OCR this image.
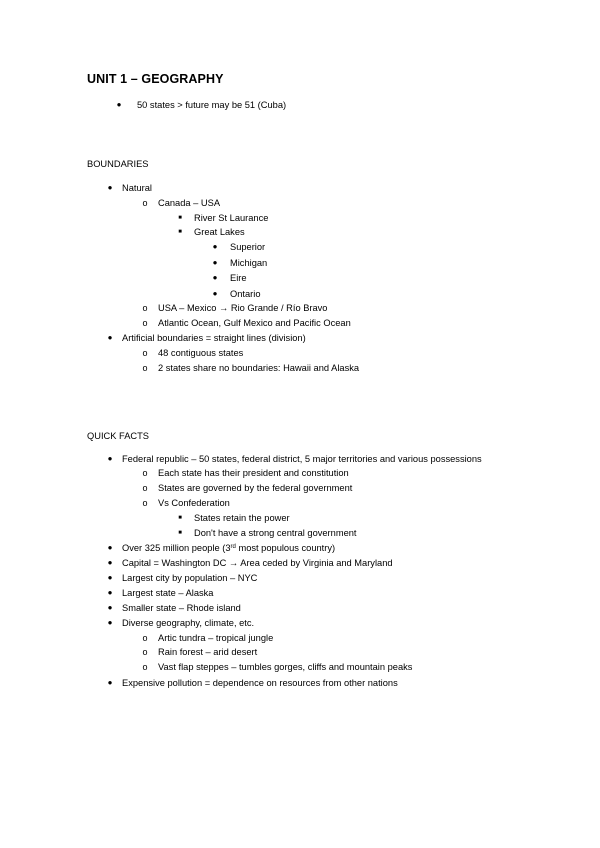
UNIT 1 – GEOGRAPHY
● 50 states > future may be 51 (Cuba)
BOUNDARIES
● Natural
o Canada – USA
■	River St Laurance
■	Great Lakes
● Superior
● Michigan
● Eire
● Ontario
o USA – Mexico → Rio Grande / Río Bravo
o Atlantic Ocean, Gulf Mexico and Pacific Ocean
● Artificial boundaries = straight lines (division)
o 48 contiguous states
o 2 states share no boundaries: Hawaii and Alaska
QUICK FACTS
● Federal republic – 50 states, federal district, 5 major territories and various possessions
o Each state has their president and constitution
o States are governed by the federal government
o Vs Confederation
■	States retain the power
■	Don't have a strong central government
● Over 325 million people (3rd most populous country)
● Capital = Washington DC → Area ceded by Virginia and Maryland
● Largest city by population – NYC
● Largest state – Alaska
● Smaller state – Rhode island
● Diverse geography, climate, etc.
o Artic tundra – tropical jungle
o Rain forest – arid desert
o Vast flap steppes – tumbles gorges, cliffs and mountain peaks
● Expensive pollution = dependence on resources from other nations
